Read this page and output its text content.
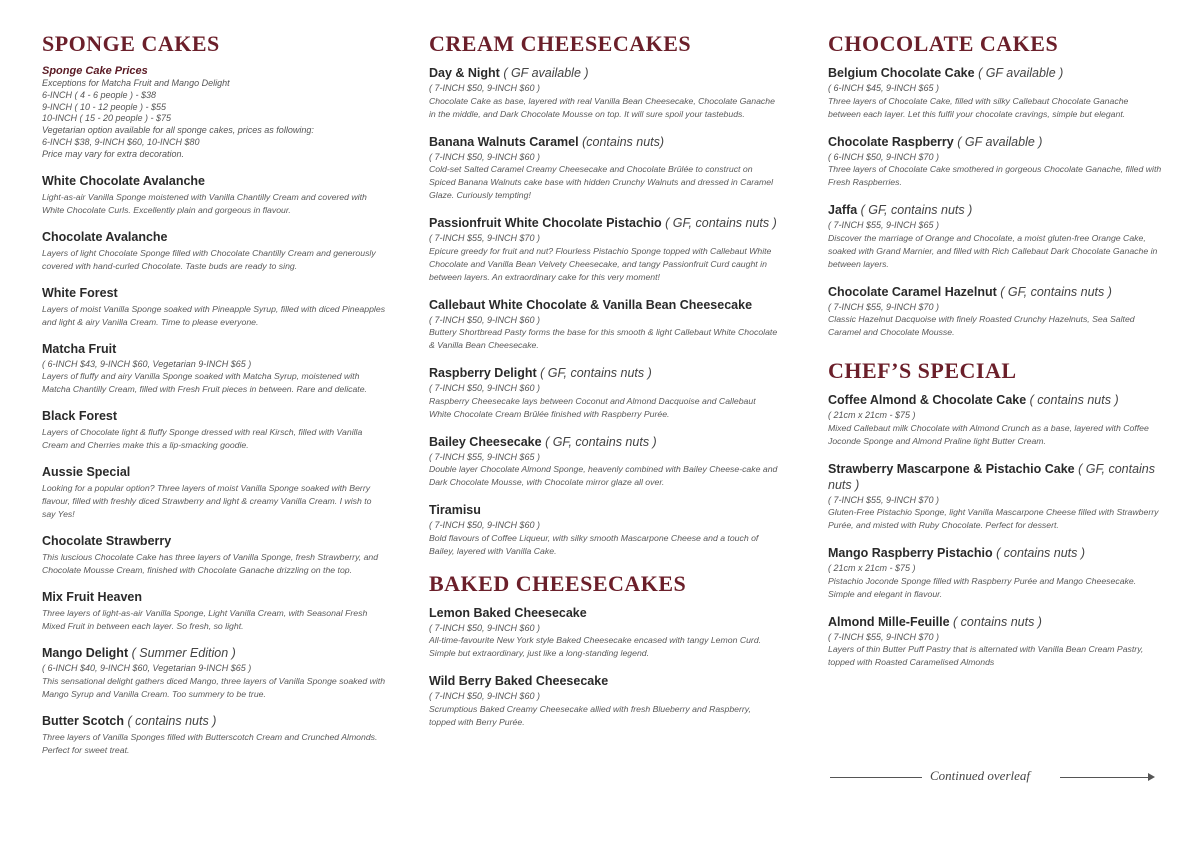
SPONGE CAKES
Sponge Cake Prices
Exceptions for Matcha Fruit and Mango Delight
6-INCH ( 4 - 6 people ) - $38
9-INCH ( 10 - 12 people ) - $55
10-INCH ( 15 - 20 people ) - $75
Vegetarian option available for all sponge cakes, prices as following:
6-INCH $38, 9-INCH $60, 10-INCH $80
Price may vary for extra decoration.
White Chocolate Avalanche
Light-as-air Vanilla Sponge moistened with Vanilla Chantilly Cream and covered with White Chocolate Curls. Excellently plain and gorgeous in flavour.
Chocolate Avalanche
Layers of light Chocolate Sponge filled with Chocolate Chantilly Cream and generously covered with hand-curled Chocolate. Taste buds are ready to sing.
White Forest
Layers of moist Vanilla Sponge soaked with Pineapple Syrup, filled with diced Pineapples and light & airy Vanilla Cream. Time to please everyone.
Matcha Fruit
( 6-INCH $43, 9-INCH $60, Vegetarian 9-INCH $65 )
Layers of fluffy and airy Vanilla Sponge soaked with Matcha Syrup, moistened with Matcha Chantilly Cream, filled with Fresh Fruit pieces in between. Rare and delicate.
Black Forest
Layers of Chocolate light & fluffy Sponge dressed with real Kirsch, filled with Vanilla Cream and Cherries make this a lip-smacking goodie.
Aussie Special
Looking for a popular option? Three layers of moist Vanilla Sponge soaked with Berry flavour, filled with freshly diced Strawberry and light & creamy Vanilla Cream. I wish to say Yes!
Chocolate Strawberry
This luscious Chocolate Cake has three layers of Vanilla Sponge, fresh Strawberry, and Chocolate Mousse Cream, finished with Chocolate Ganache drizzling on the top.
Mix Fruit Heaven
Three layers of light-as-air Vanilla Sponge, Light Vanilla Cream, with Seasonal Fresh Mixed Fruit in between each layer. So fresh, so light.
Mango Delight ( Summer Edition )
( 6-INCH $40, 9-INCH $60, Vegetarian 9-INCH $65 )
This sensational delight gathers diced Mango, three layers of Vanilla Sponge soaked with Mango Syrup and Vanilla Cream. Too summery to be true.
Butter Scotch ( contains nuts )
Three layers of Vanilla Sponges filled with Butterscotch Cream and Crunched Almonds. Perfect for sweet treat.
CREAM CHEESECAKES
Day & Night ( GF available )
( 7-INCH $50, 9-INCH $60 )
Chocolate Cake as base, layered with real Vanilla Bean Cheesecake, Chocolate Ganache in the middle, and Dark Chocolate Mousse on top. It will sure spoil your tastebuds.
Banana Walnuts Caramel (contains nuts)
( 7-INCH $50, 9-INCH $60 )
Cold-set Salted Caramel Creamy Cheesecake and Chocolate Brûlée to construct on Spiced Banana Walnuts cake base with hidden Crunchy Walnuts and dressed in Caramel Glaze. Curiously tempting!
Passionfruit White Chocolate Pistachio ( GF, contains nuts )
( 7-INCH $55, 9-INCH $70 )
Epicure greedy for fruit and nut? Flourless Pistachio Sponge topped with Callebaut White Chocolate and Vanilla Bean Velvety Cheesecake, and tangy Passionfruit Curd caught in between layers. An extraordinary cake for this very moment!
Callebaut White Chocolate & Vanilla Bean Cheesecake
( 7-INCH $50, 9-INCH $60 )
Buttery Shortbread Pasty forms the base for this smooth & light Callebaut White Chocolate & Vanilla Bean Cheesecake.
Raspberry Delight ( GF, contains nuts )
( 7-INCH $50, 9-INCH $60 )
Raspberry Cheesecake lays between Coconut and Almond Dacquoise and Callebaut White Chocolate Cream Brûlée finished with Raspberry Purée.
Bailey Cheesecake ( GF, contains nuts )
( 7-INCH $55, 9-INCH $65 )
Double layer Chocolate Almond Sponge, heavenly combined with Bailey Cheese-cake and Dark Chocolate Mousse, with Chocolate mirror glaze all over.
Tiramisu
( 7-INCH $50, 9-INCH $60 )
Bold flavours of Coffee Liqueur, with silky smooth Mascarpone Cheese and a touch of Bailey, layered with Vanilla Cake.
BAKED CHEESECAKES
Lemon Baked Cheesecake
( 7-INCH $50, 9-INCH $60 )
All-time-favourite New York style Baked Cheesecake encased with tangy Lemon Curd. Simple but extraordinary, just like a long-standing legend.
Wild Berry Baked Cheesecake
( 7-INCH $50, 9-INCH $60 )
Scrumptious Baked Creamy Cheesecake allied with fresh Blueberry and Raspberry, topped with Berry Purée.
CHOCOLATE CAKES
Belgium Chocolate Cake ( GF available )
( 6-INCH $45, 9-INCH $65 )
Three layers of Chocolate Cake, filled with silky Callebaut Chocolate Ganache between each layer. Let this fulfil your chocolate cravings, simple but elegant.
Chocolate Raspberry ( GF available )
( 6-INCH $50, 9-INCH $70 )
Three layers of Chocolate Cake smothered in gorgeous Chocolate Ganache, filled with Fresh Raspberries.
Jaffa ( GF, contains nuts )
( 7-INCH $55, 9-INCH $65 )
Discover the marriage of Orange and Chocolate, a moist gluten-free Orange Cake, soaked with Grand Marnier, and filled with Rich Callebaut Dark Chocolate Ganache in between layers.
Chocolate Caramel Hazelnut ( GF, contains nuts )
( 7-INCH $55, 9-INCH $70 )
Classic Hazelnut Dacquoise with finely Roasted Crunchy Hazelnuts, Sea Salted Caramel and Chocolate Mousse.
CHEF’S SPECIAL
Coffee Almond & Chocolate Cake ( contains nuts )
( 21cm x 21cm - $75 )
Mixed Callebaut milk Chocolate with Almond Crunch as a base, layered with Coffee Joconde Sponge and Almond Praline light Butter Cream.
Strawberry Mascarpone & Pistachio Cake ( GF, contains nuts )
( 7-INCH $55, 9-INCH $70 )
Gluten-Free Pistachio Sponge, light Vanilla Mascarpone Cheese filled with Strawberry Purée, and misted with Ruby Chocolate. Perfect for dessert.
Mango Raspberry Pistachio ( contains nuts )
( 21cm x 21cm - $75 )
Pistachio Joconde Sponge filled with Raspberry Purée and Mango Cheesecake. Simple and elegant in flavour.
Almond Mille-Feuille ( contains nuts )
( 7-INCH $55, 9-INCH $70 )
Layers of thin Butter Puff Pastry that is alternated with Vanilla Bean Cream Pastry, topped with Roasted Caramelised Almonds
Continued overleaf
